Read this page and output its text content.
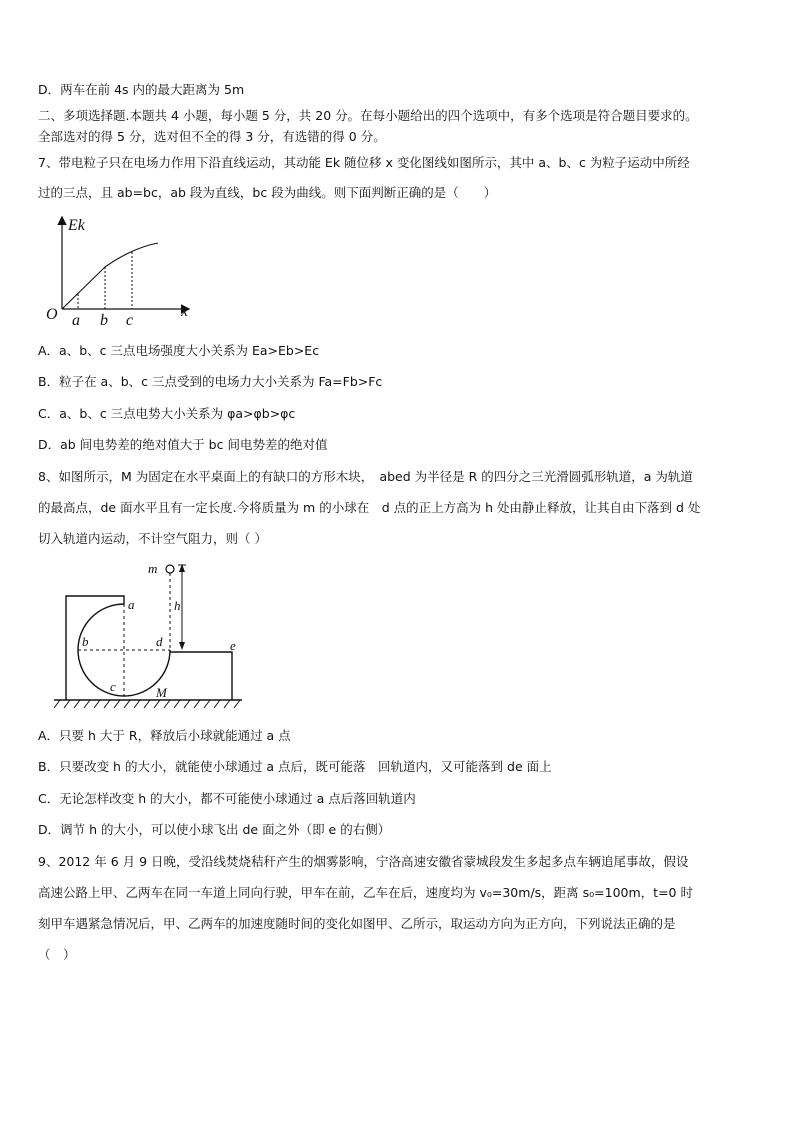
D．两车在前 4s 内的最大距离为 5m
二、多项选择题.本题共 4 小题，每小题 5 分，共 20 分。在每小题给出的四个选项中，有多个选项是符合题目要求的。
全部选对的得 5 分，选对但不全的得 3 分，有选错的得 0 分。
7、带电粒子只在电场力作用下沿直线运动，其动能 Ek 随位移 x 变化图线如图所示，其中 a、b、c 为粒子运动中所经
过的三点，且 ab=bc，ab 段为直线，bc 段为曲线。则下面判断正确的是（　　）
Ek
x
O a b c
A．a、b、c 三点电场强度大小关系为 Ea>Eb>Ec
B．粒子在 a、b、c 三点受到的电场力大小关系为 Fa=Fb>Fc
C．a、b、c 三点电势大小关系为 φa>φb>φc
D．ab 间电势差的绝对值大于 bc 间电势差的绝对值
8、如图所示，M 为固定在水平桌面上的有缺口的方形木块，　abed 为半径是 R 的四分之三光滑圆弧形轨道，a 为轨道
的最高点，de 面水平且有一定长度.今将质量为 m 的小球在　d 点的正上方高为 h 处由静止释放，让其自由下落到 d 处
切入轨道内运动，不计空气阻力，则（ ）
m
h
a
b
c
d	e
M
A．只要 h 大于 R，释放后小球就能通过 a 点
B．只要改变 h 的大小，就能使小球通过 a 点后，既可能落　回轨道内，又可能落到 de 面上
C．无论怎样改变 h 的大小，都不可能使小球通过 a 点后落回轨道内
D．调节 h 的大小，可以使小球飞出 de 面之外（即 e 的右侧）
9、2012 年 6 月 9 日晚，受沿线焚烧秸秆产生的烟雾影响，宁洛高速安徽省蒙城段发生多起多点车辆追尾事故，假设
高速公路上甲、乙两车在同一车道上同向行驶，甲车在前，乙车在后，速度均为 v₀=30m/s，距离 s₀=100m，t=0 时
刻甲车遇紧急情况后，甲、乙两车的加速度随时间的变化如图甲、乙所示，取运动方向为正方向，下列说法正确的是
（　）
